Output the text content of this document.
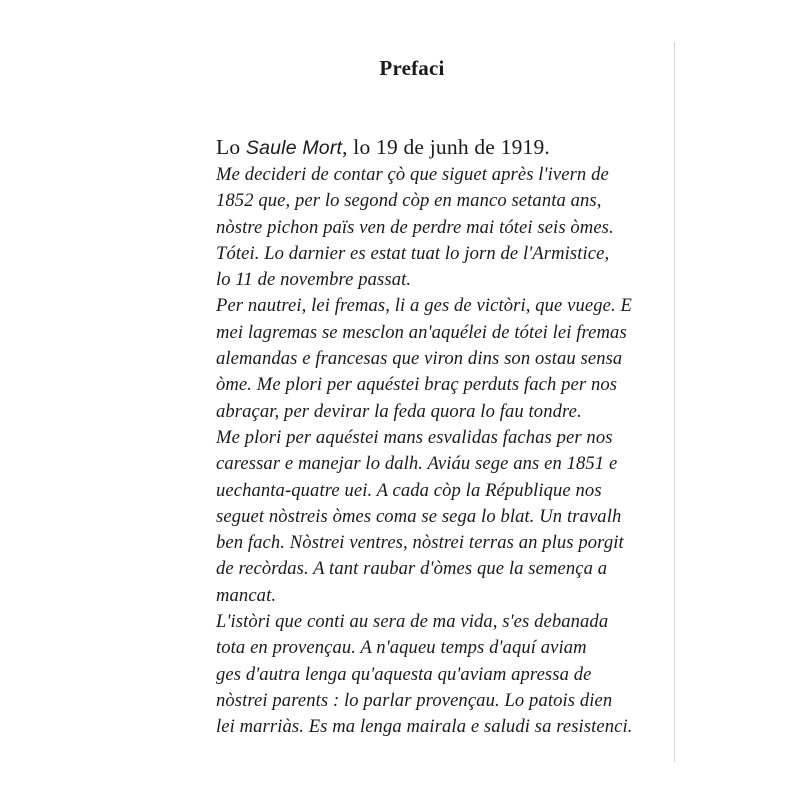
Prefaci
Lo Saule Mort, lo 19 de junh de 1919.
Me decideri de contar çò que siguet après l'ivern de
1852 que, per lo segond còp en manco setanta ans,
nòstre pichon païs ven de perdre mai tótei seis òmes.
Tótei. Lo darnier es estat tuat lo jorn de l'Armistice,
lo 11 de novembre passat.
Per nautrei, lei fremas, li a ges de victòri, que vuege. E
mei lagremas se mesclon an'aquélei de tótei lei fremas
alemandas e francesas que viron dins son ostau sensa
òme. Me plori per aquéstei braç perduts fach per nos
abraçar, per devirar la feda quora lo fau tondre.
Me plori per aquéstei mans esvalidas fachas per nos
caressar e manejar lo dalh. Aviáu sege ans en 1851 e
uechanta-quatre uei. A cada còp la République nos
seguet nòstreis òmes coma se sega lo blat. Un travalh
ben fach. Nòstrei ventres, nòstrei terras an plus porgit
de recòrdas. A tant raubar d'òmes que la semença a
mancat.
L'istòri que conti au sera de ma vida, s'es debanada
tota en provençau. A n'aqueu temps d'aquí aviam
ges d'autra lenga qu'aquesta qu'aviam apressa de
nòstrei parents : lo parlar provençau. Lo patois dien
lei marriàs. Es ma lenga mairala e saludi sa resistenci.
